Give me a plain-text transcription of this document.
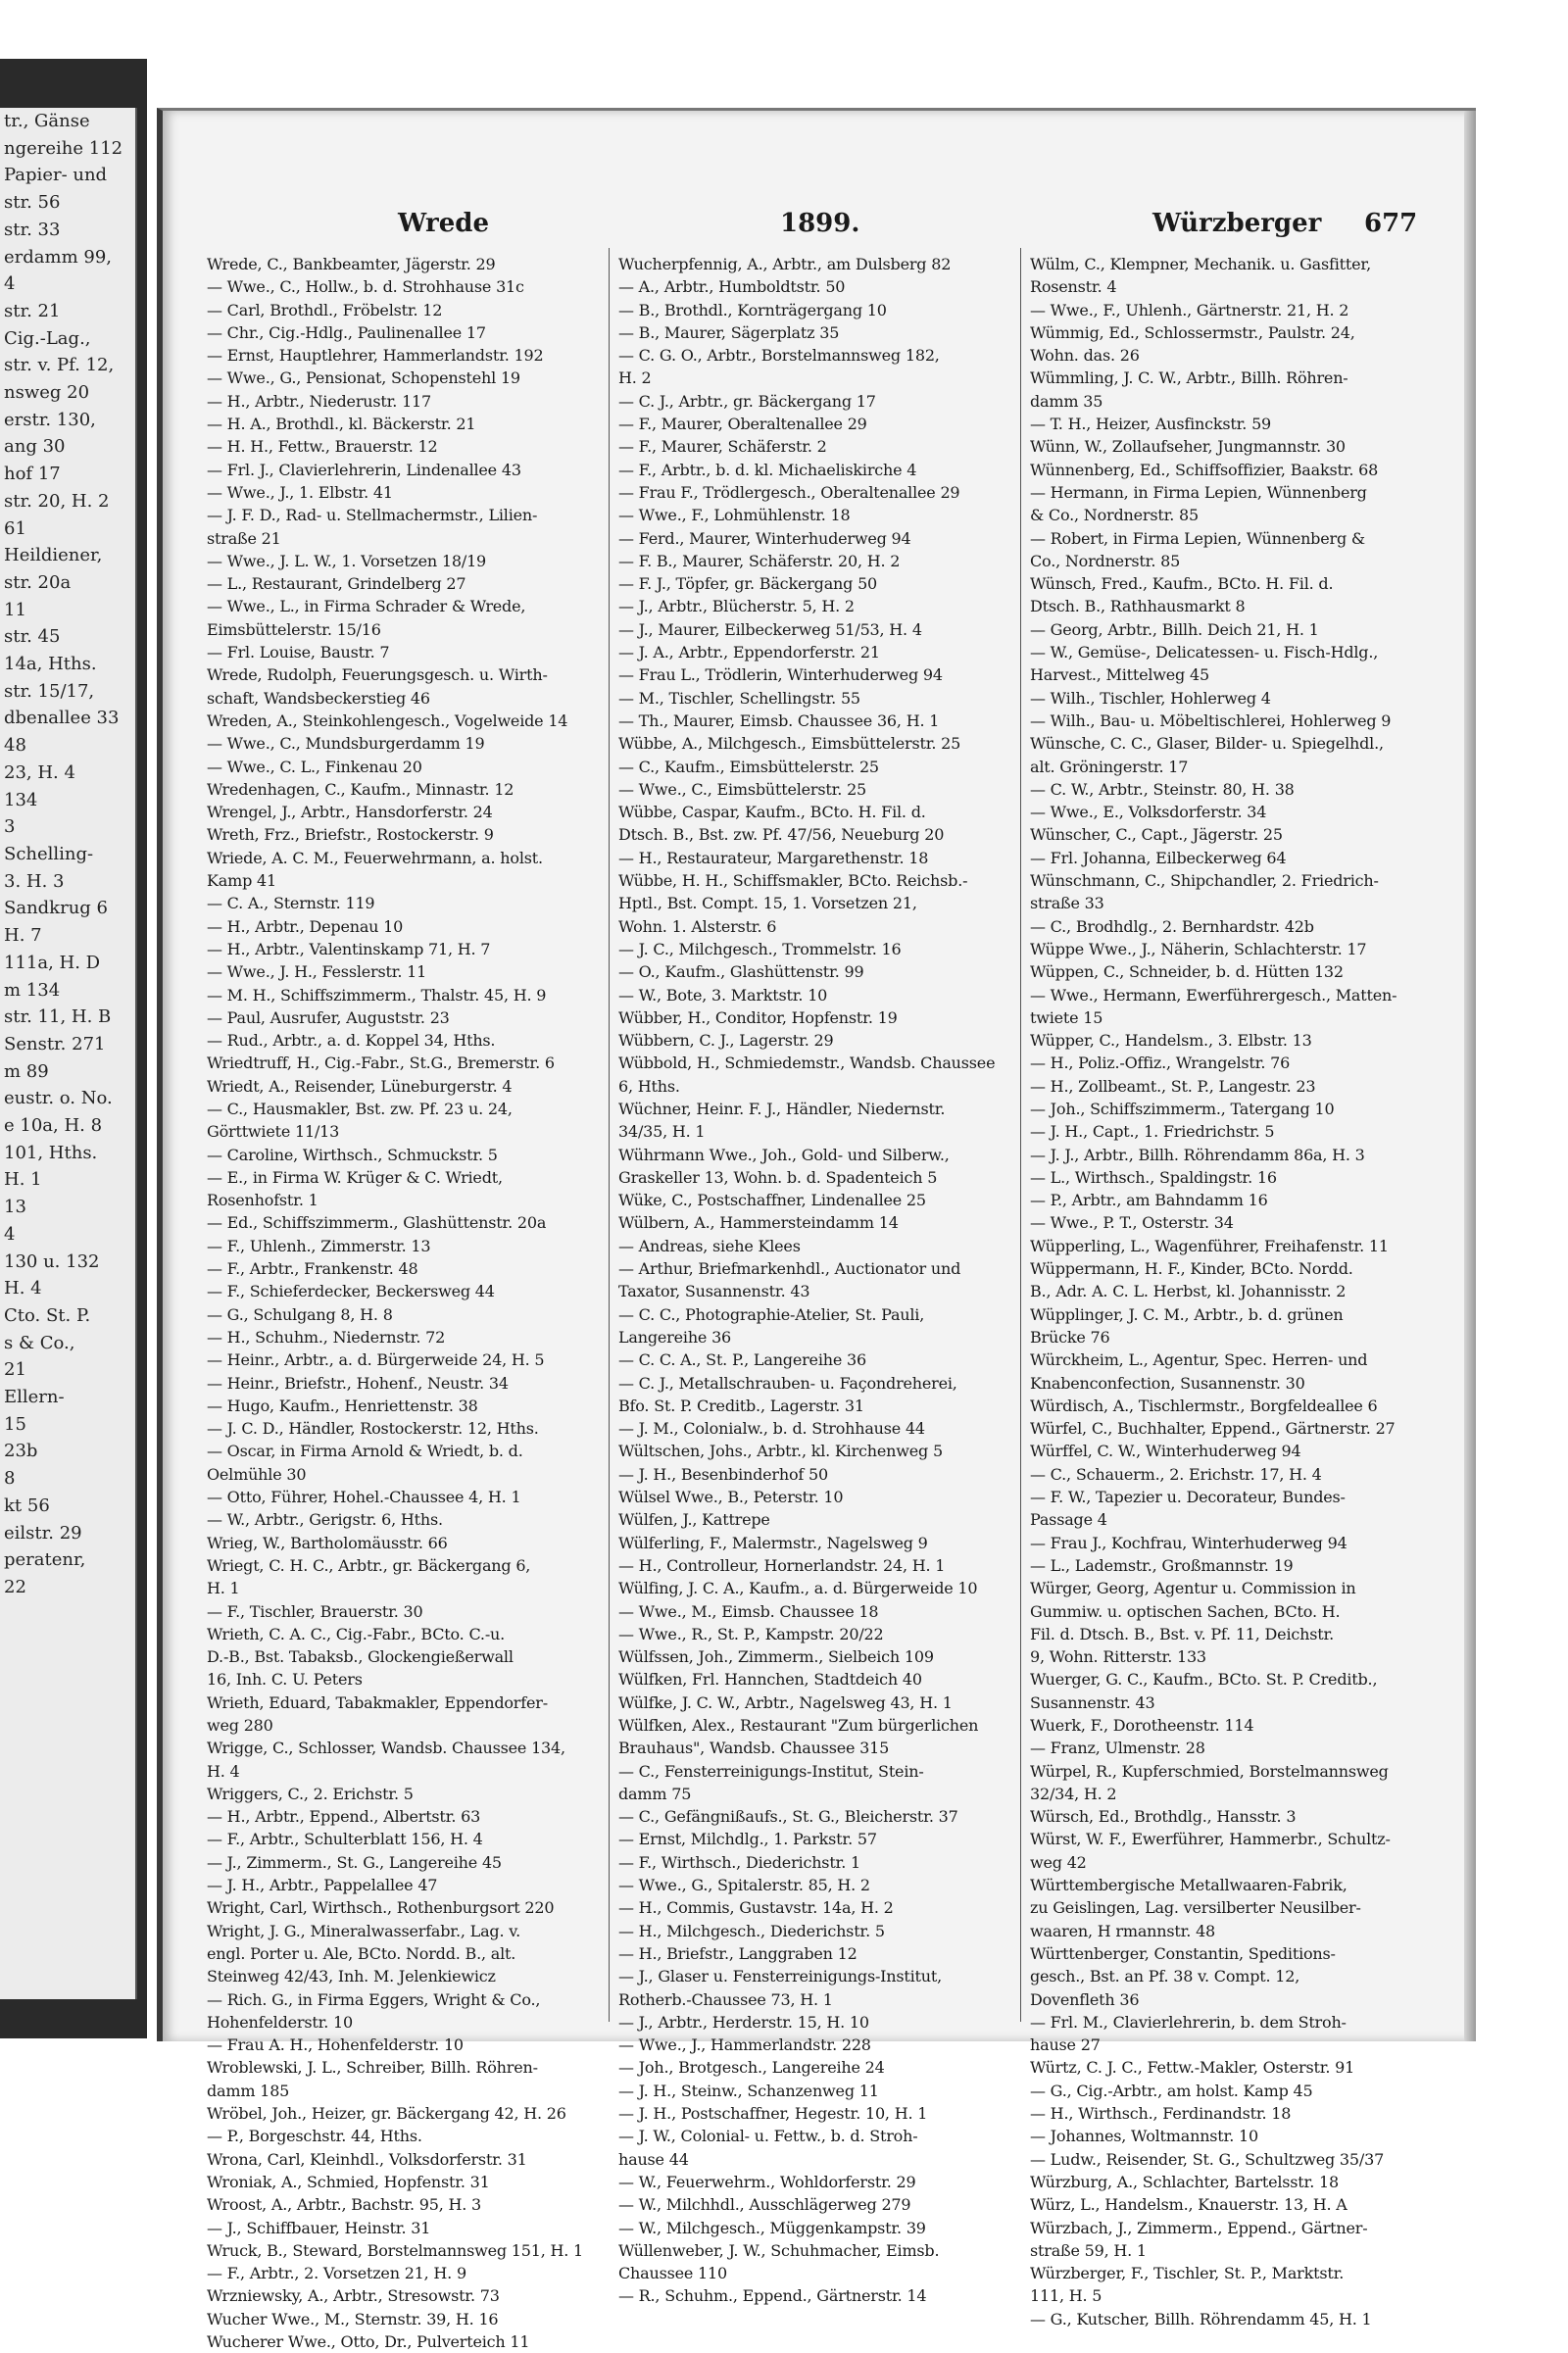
tr., Gänse
ngereihe 112
Papier- und
str. 56
str. 33
erdamm 99,
4
str. 21
Cig.-Lag.,
str. v. Pf. 12,
nsweg 20
erstr. 130,
ang 30
hof 17
str. 20, H. 2
61
Heildiener,
str. 20a
11
str. 45
14a, Hths.
str. 15/17,
dbenallee 33
48
23, H. 4
134
3
Schelling-
3. H. 3
Sandkrug 6
H. 7
111a, H. D
m 134
str. 11, H. B
Senstr. 271
m 89
eustr. o. No.
e 10a, H. 8
101, Hths.
H. 1
13
4
130 u. 132
H. 4
Cto. St. P.
s & Co.,
21
Ellern-
15
23b
8
kt 56
eilstr. 29
peratenr,
22
Wrede	1899.	Würzberger 677
Wrede, C., Bankbeamter, Jägerstr. 29
— Wwe., C., Hollw., b. d. Strohhause 31c
— Carl, Brothdl., Fröbelstr. 12
— Chr., Cig.-Hdlg., Paulinenallee 17
— Ernst, Hauptlehrer, Hammerlandstr. 192
— Wwe., G., Pensionat, Schopenstehl 19
— H., Arbtr., Niederustr. 117
— H. A., Brothdl., kl. Bäckerstr. 21
— H. H., Fettw., Brauerstr. 12
— Frl. J., Clavierlehrerin, Lindenallee 43
— Wwe., J., 1. Elbstr. 41
— J. F. D., Rad- u. Stellmachermstr., Lilien-
straße 21
— Wwe., J. L. W., 1. Vorsetzen 18/19
— L., Restaurant, Grindelberg 27
— Wwe., L., in Firma Schrader & Wrede,
Eimsbüttelerstr. 15/16
— Frl. Louise, Baustr. 7
Wrede, Rudolph, Feuerungsgesch. u. Wirth-
schaft, Wandsbeckerstieg 46
Wreden, A., Steinkohlengesch., Vogelweide 14
— Wwe., C., Mundsburgerdamm 19
— Wwe., C. L., Finkenau 20
Wredenhagen, C., Kaufm., Minnastr. 12
Wrengel, J., Arbtr., Hansdorferstr. 24
Wreth, Frz., Briefstr., Rostockerstr. 9
Wriede, A. C. M., Feuerwehrmann, a. holst.
Kamp 41
— C. A., Sternstr. 119
— H., Arbtr., Depenau 10
— H., Arbtr., Valentinskamp 71, H. 7
— Wwe., J. H., Fesslerstr. 11
— M. H., Schiffszimmerm., Thalstr. 45, H. 9
— Paul, Ausrufer, Auguststr. 23
— Rud., Arbtr., a. d. Koppel 34, Hths.
Wriedtruff, H., Cig.-Fabr., St.G., Bremerstr. 6
Wriedt, A., Reisender, Lüneburgerstr. 4
— C., Hausmakler, Bst. zw. Pf. 23 u. 24,
Görttwiete 11/13
— Caroline, Wirthsch., Schmuckstr. 5
— E., in Firma W. Krüger & C. Wriedt,
Rosenhofstr. 1
— Ed., Schiffszimmerm., Glashüttenstr. 20a
— F., Uhlenh., Zimmerstr. 13
— F., Arbtr., Frankenstr. 48
— F., Schieferdecker, Beckersweg 44
— G., Schulgang 8, H. 8
— H., Schuhm., Niedernstr. 72
— Heinr., Arbtr., a. d. Bürgerweide 24, H. 5
— Heinr., Briefstr., Hohenf., Neustr. 34
— Hugo, Kaufm., Henriettenstr. 38
— J. C. D., Händler, Rostockerstr. 12, Hths.
— Oscar, in Firma Arnold & Wriedt, b. d.
Oelmühle 30
— Otto, Führer, Hohel.-Chaussee 4, H. 1
— W., Arbtr., Gerigstr. 6, Hths.
Wrieg, W., Bartholomäusstr. 66
Wriegt, C. H. C., Arbtr., gr. Bäckergang 6,
H. 1
— F., Tischler, Brauerstr. 30
Wrieth, C. A. C., Cig.-Fabr., BCto. C.-u.
D.-B., Bst. Tabaksb., Glockengießerwall
16, Inh. C. U. Peters
Wrieth, Eduard, Tabakmakler, Eppendorfer-
weg 280
Wrigge, C., Schlosser, Wandsb. Chaussee 134,
H. 4
Wriggers, C., 2. Erichstr. 5
— H., Arbtr., Eppend., Albertstr. 63
— F., Arbtr., Schulterblatt 156, H. 4
— J., Zimmerm., St. G., Langereihe 45
— J. H., Arbtr., Pappelallee 47
Wright, Carl, Wirthsch., Rothenburgsort 220
Wright, J. G., Mineralwasserfabr., Lag. v.
engl. Porter u. Ale, BCto. Nordd. B., alt.
Steinweg 42/43, Inh. M. Jelenkiewicz
— Rich. G., in Firma Eggers, Wright & Co.,
Hohenfelderstr. 10
— Frau A. H., Hohenfelderstr. 10
Wroblewski, J. L., Schreiber, Billh. Röhren-
damm 185
Wröbel, Joh., Heizer, gr. Bäckergang 42, H. 26
— P., Borgeschstr. 44, Hths.
Wrona, Carl, Kleinhdl., Volksdorferstr. 31
Wroniak, A., Schmied, Hopfenstr. 31
Wroost, A., Arbtr., Bachstr. 95, H. 3
— J., Schiffbauer, Heinstr. 31
Wruck, B., Steward, Borstelmannsweg 151, H. 1
— F., Arbtr., 2. Vorsetzen 21, H. 9
Wrzniewsky, A., Arbtr., Stresowstr. 73
Wucher Wwe., M., Sternstr. 39, H. 16
Wucherer Wwe., Otto, Dr., Pulverteich 11
Wucherpfennig, A., Arbtr., am Dulsberg 82
— A., Arbtr., Humboldtstr. 50
— B., Brothdl., Kornträgergang 10
— B., Maurer, Sägerplatz 35
— C. G. O., Arbtr., Borstelmannsweg 182,
H. 2
— C. J., Arbtr., gr. Bäckergang 17
— F., Maurer, Oberaltenallee 29
— F., Maurer, Schäferstr. 2
— F., Arbtr., b. d. kl. Michaeliskirche 4
— Frau F., Trödlergesch., Oberaltenallee 29
— Wwe., F., Lohmühlenstr. 18
— Ferd., Maurer, Winterhuderweg 94
— F. B., Maurer, Schäferstr. 20, H. 2
— F. J., Töpfer, gr. Bäckergang 50
— J., Arbtr., Blücherstr. 5, H. 2
— J., Maurer, Eilbeckerweg 51/53, H. 4
— J. A., Arbtr., Eppendorferstr. 21
— Frau L., Trödlerin, Winterhuderweg 94
— M., Tischler, Schellingstr. 55
— Th., Maurer, Eimsb. Chaussee 36, H. 1
Wübbe, A., Milchgesch., Eimsbüttelerstr. 25
— C., Kaufm., Eimsbüttelerstr. 25
— Wwe., C., Eimsbüttelerstr. 25
Wübbe, Caspar, Kaufm., BCto. H. Fil. d.
Dtsch. B., Bst. zw. Pf. 47/56, Neueburg 20
— H., Restaurateur, Margarethenstr. 18
Wübbe, H. H., Schiffsmakler, BCto. Reichsb.-
Hptl., Bst. Compt. 15, 1. Vorsetzen 21,
Wohn. 1. Alsterstr. 6
— J. C., Milchgesch., Trommelstr. 16
— O., Kaufm., Glashüttenstr. 99
— W., Bote, 3. Marktstr. 10
Wübber, H., Conditor, Hopfenstr. 19
Wübbern, C. J., Lagerstr. 29
Wübbold, H., Schmiedemstr., Wandsb. Chaussee
6, Hths.
Wüchner, Heinr. F. J., Händler, Niedernstr.
34/35, H. 1
Wührmann Wwe., Joh., Gold- und Silberw.,
Graskeller 13, Wohn. b. d. Spadenteich 5
Wüke, C., Postschaffner, Lindenallee 25
Wülbern, A., Hammersteindamm 14
— Andreas, siehe Klees
— Arthur, Briefmarkenhdl., Auctionator und
Taxator, Susannenstr. 43
— C. C., Photographie-Atelier, St. Pauli,
Langereihe 36
— C. C. A., St. P., Langereihe 36
— C. J., Metallschrauben- u. Façondreherei,
Bfo. St. P. Creditb., Lagerstr. 31
— J. M., Colonialw., b. d. Strohhause 44
Wültschen, Johs., Arbtr., kl. Kirchenweg 5
— J. H., Besenbinderhof 50
Wülsel Wwe., B., Peterstr. 10
Wülfen, J., Kattrepe
Wülferling, F., Malermstr., Nagelsweg 9
— H., Controlleur, Hornerlandstr. 24, H. 1
Wülfing, J. C. A., Kaufm., a. d. Bürgerweide 10
— Wwe., M., Eimsb. Chaussee 18
— Wwe., R., St. P., Kampstr. 20/22
Wülfssen, Joh., Zimmerm., Sielbeich 109
Wülfken, Frl. Hannchen, Stadtdeich 40
Wülfke, J. C. W., Arbtr., Nagelsweg 43, H. 1
Wülfken, Alex., Restaurant "Zum bürgerlichen
Brauhaus", Wandsb. Chaussee 315
— C., Fensterreinigungs-Institut, Stein-
damm 75
— C., Gefängnißaufs., St. G., Bleicherstr. 37
— Ernst, Milchdlg., 1. Parkstr. 57
— F., Wirthsch., Diederichstr. 1
— Wwe., G., Spitalerstr. 85, H. 2
— H., Commis, Gustavstr. 14a, H. 2
— H., Milchgesch., Diederichstr. 5
— H., Briefstr., Langgraben 12
— J., Glaser u. Fensterreinigungs-Institut,
Rotherb.-Chaussee 73, H. 1
— J., Arbtr., Herderstr. 15, H. 10
— Wwe., J., Hammerlandstr. 228
— Joh., Brotgesch., Langereihe 24
— J. H., Steinw., Schanzenweg 11
— J. H., Postschaffner, Hegestr. 10, H. 1
— J. W., Colonial- u. Fettw., b. d. Stroh-
hause 44
— W., Feuerwehrm., Wohldorferstr. 29
— W., Milchhdl., Ausschlägerweg 279
— W., Milchgesch., Müggenkampstr. 39
Wüllenweber, J. W., Schuhmacher, Eimsb.
Chaussee 110
— R., Schuhm., Eppend., Gärtnerstr. 14
Wülm, C., Klempner, Mechanik. u. Gasfitter,
Rosenstr. 4
— Wwe., F., Uhlenh., Gärtnerstr. 21, H. 2
Wümmig, Ed., Schlossermstr., Paulstr. 24,
Wohn. das. 26
Wümmling, J. C. W., Arbtr., Billh. Röhren-
damm 35
— T. H., Heizer, Ausfinckstr. 59
Wünn, W., Zollaufseher, Jungmannstr. 30
Wünnenberg, Ed., Schiffsoffizier, Baakstr. 68
— Hermann, in Firma Lepien, Wünnenberg
& Co., Nordnerstr. 85
— Robert, in Firma Lepien, Wünnenberg &
Co., Nordnerstr. 85
Wünsch, Fred., Kaufm., BCto. H. Fil. d.
Dtsch. B., Rathhausmarkt 8
— Georg, Arbtr., Billh. Deich 21, H. 1
— W., Gemüse-, Delicatessen- u. Fisch-Hdlg.,
Harvest., Mittelweg 45
— Wilh., Tischler, Hohlerweg 4
— Wilh., Bau- u. Möbeltischlerei, Hohlerweg 9
Wünsche, C. C., Glaser, Bilder- u. Spiegelhdl.,
alt. Gröningerstr. 17
— C. W., Arbtr., Steinstr. 80, H. 38
— Wwe., E., Volksdorferstr. 34
Wünscher, C., Capt., Jägerstr. 25
— Frl. Johanna, Eilbeckerweg 64
Wünschmann, C., Shipchandler, 2. Friedrich-
straße 33
— C., Brodhdlg., 2. Bernhardstr. 42b
Wüppe Wwe., J., Näherin, Schlachterstr. 17
Wüppen, C., Schneider, b. d. Hütten 132
— Wwe., Hermann, Ewerführergesch., Matten-
twiete 15
Wüpper, C., Handelsm., 3. Elbstr. 13
— H., Poliz.-Offiz., Wrangelstr. 76
— H., Zollbeamt., St. P., Langestr. 23
— Joh., Schiffszimmerm., Tatergang 10
— J. H., Capt., 1. Friedrichstr. 5
— J. J., Arbtr., Billh. Röhrendamm 86a, H. 3
— L., Wirthsch., Spaldingstr. 16
— P., Arbtr., am Bahndamm 16
— Wwe., P. T., Osterstr. 34
Wüpperling, L., Wagenführer, Freihafenstr. 11
Wüppermann, H. F., Kinder, BCto. Nordd.
B., Adr. A. C. L. Herbst, kl. Johannisstr. 2
Wüpplinger, J. C. M., Arbtr., b. d. grünen
Brücke 76
Würckheim, L., Agentur, Spec. Herren- und
Knabenconfection, Susannenstr. 30
Würdisch, A., Tischlermstr., Borgfeldeallee 6
Würfel, C., Buchhalter, Eppend., Gärtnerstr. 27
Würffel, C. W., Winterhuderweg 94
— C., Schauerm., 2. Erichstr. 17, H. 4
— F. W., Tapezier u. Decorateur, Bundes-
Passage 4
— Frau J., Kochfrau, Winterhuderweg 94
— L., Lademstr., Großmannstr. 19
Würger, Georg, Agentur u. Commission in
Gummiw. u. optischen Sachen, BCto. H.
Fil. d. Dtsch. B., Bst. v. Pf. 11, Deichstr.
9, Wohn. Ritterstr. 133
Wuerger, G. C., Kaufm., BCto. St. P. Creditb.,
Susannenstr. 43
Wuerk, F., Dorotheenstr. 114
— Franz, Ulmenstr. 28
Würpel, R., Kupferschmied, Borstelmannsweg
32/34, H. 2
Würsch, Ed., Brothdlg., Hansstr. 3
Würst, W. F., Ewerführer, Hammerbr., Schultz-
weg 42
Württembergische Metallwaaren-Fabrik,
zu Geislingen, Lag. versilberter Neusilber-
waaren, H rmannstr. 48
Württenberger, Constantin, Speditions-
gesch., Bst. an Pf. 38 v. Compt. 12,
Dovenfleth 36
— Frl. M., Clavierlehrerin, b. dem Stroh-
hause 27
Würtz, C. J. C., Fettw.-Makler, Osterstr. 91
— G., Cig.-Arbtr., am holst. Kamp 45
— H., Wirthsch., Ferdinandstr. 18
— Johannes, Woltmannstr. 10
— Ludw., Reisender, St. G., Schultzweg 35/37
Würzburg, A., Schlachter, Bartelsstr. 18
Würz, L., Handelsm., Knauerstr. 13, H. A
Würzbach, J., Zimmerm., Eppend., Gärtner-
straße 59, H. 1
Würzberger, F., Tischler, St. P., Marktstr.
111, H. 5
— G., Kutscher, Billh. Röhrendamm 45, H. 1
